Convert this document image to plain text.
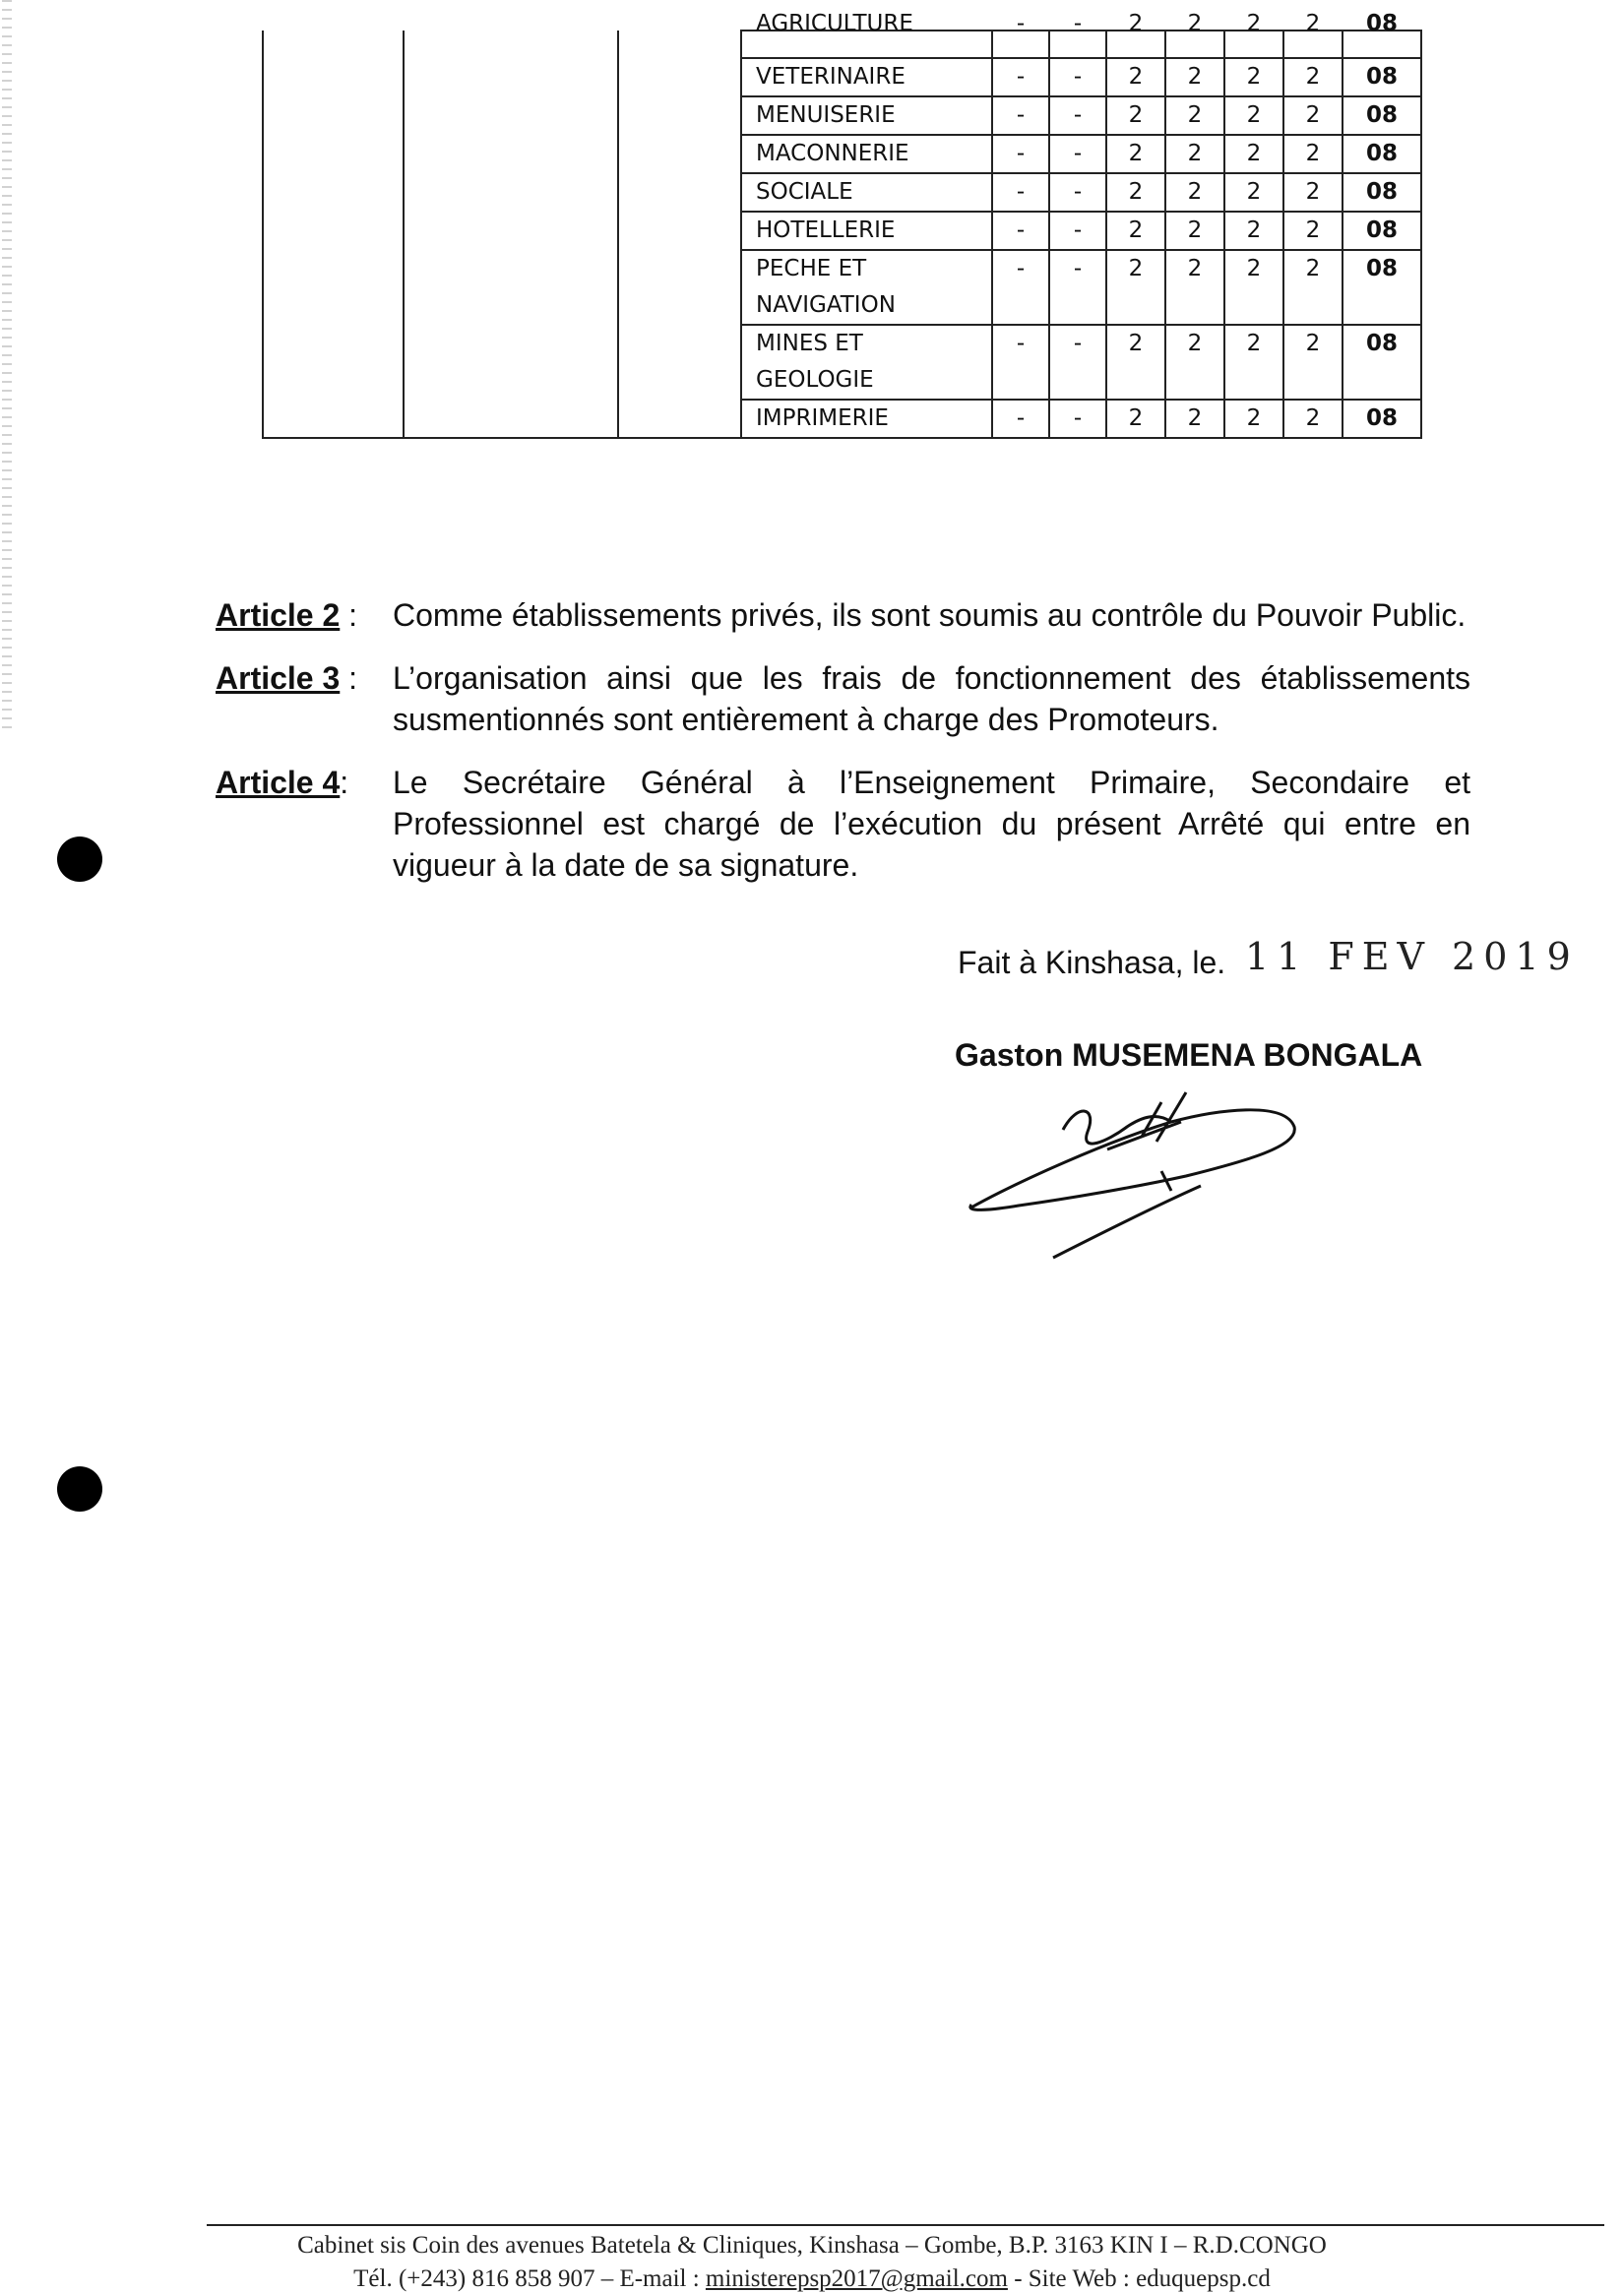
			AGRICULTURE	-	-	2	2	2	2	08

			VETERINAIRE	-	-	2	2	2	2	08
			MENUISERIE	-	-	2	2	2	2	08
			MACONNERIE	-	-	2	2	2	2	08
			SOCIALE	-	-	2	2	2	2	08
			HOTELLERIE	-	-	2	2	2	2	08
			PECHE ET
NAVIGATION	-	-	2	2	2	2	08
			MINES ET
GEOLOGIE	-	-	2	2	2	2	08
			IMPRIMERIE	-	-	2	2	2	2	08
Article 2 :	Comme établissements privés, ils sont soumis au contrôle du Pouvoir Public.
Article 3 :	L’organisation ainsi que les frais de fonctionnement des établissements susmentionnés sont entièrement à charge des Promoteurs.
Article 4:	Le Secrétaire Général à l’Enseignement Primaire, Secondaire et Professionnel est chargé de l’exécution du présent Arrêté qui entre en vigueur à la date de sa signature.
Fait à Kinshasa, le. 11 FEV 2019
Gaston MUSEMENA BONGALA
Cabinet sis Coin des avenues Batetela & Cliniques, Kinshasa – Gombe, B.P. 3163 KIN I – R.D.CONGO
Tél. (+243) 816 858 907 – E-mail : ministerepsp2017@gmail.com - Site Web : eduquepsp.cd
